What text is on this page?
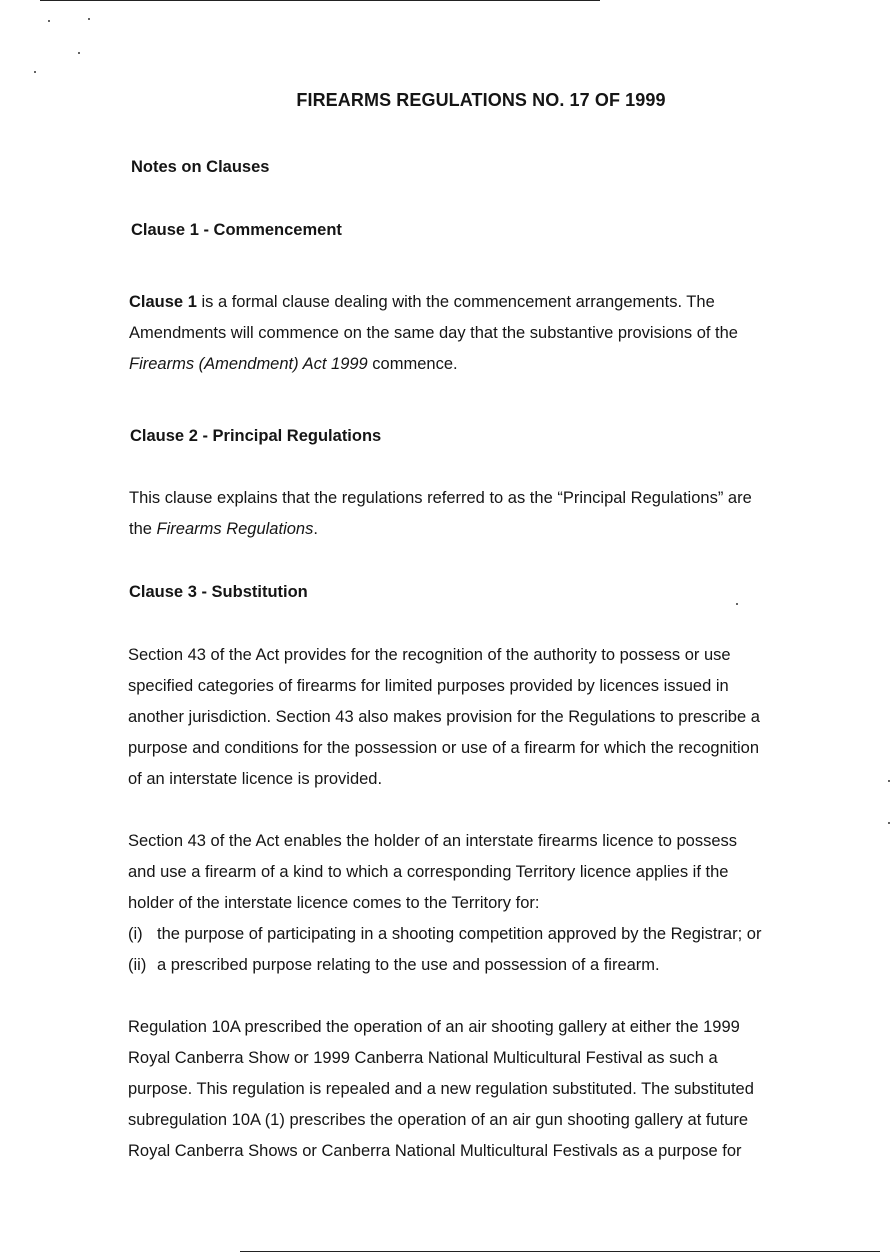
FIREARMS REGULATIONS NO. 17 OF 1999
Notes on Clauses
Clause 1 - Commencement
Clause 1 is a formal clause dealing with the commencement arrangements. The
Amendments will commence on the same day that the substantive provisions of the
Firearms (Amendment) Act 1999 commence.
Clause 2 - Principal Regulations
This clause explains that the regulations referred to as the “Principal Regulations” are
the Firearms Regulations.
Clause 3 - Substitution
Section 43 of the Act provides for the recognition of the authority to possess or use
specified categories of firearms for limited purposes provided by licences issued in
another jurisdiction. Section 43 also makes provision for the Regulations to prescribe a
purpose and conditions for the possession or use of a firearm for which the recognition
of an interstate licence is provided.
Section 43 of the Act enables the holder of an interstate firearms licence to possess
and use a firearm of a kind to which a corresponding Territory licence applies if the
holder of the interstate licence comes to the Territory for:
(i) the purpose of participating in a shooting competition approved by the Registrar; or
(ii) a prescribed purpose relating to the use and possession of a firearm.
Regulation 10A prescribed the operation of an air shooting gallery at either the 1999
Royal Canberra Show or 1999 Canberra National Multicultural Festival as such a
purpose. This regulation is repealed and a new regulation substituted. The substituted
subregulation 10A (1) prescribes the operation of an air gun shooting gallery at future
Royal Canberra Shows or Canberra National Multicultural Festivals as a purpose for
